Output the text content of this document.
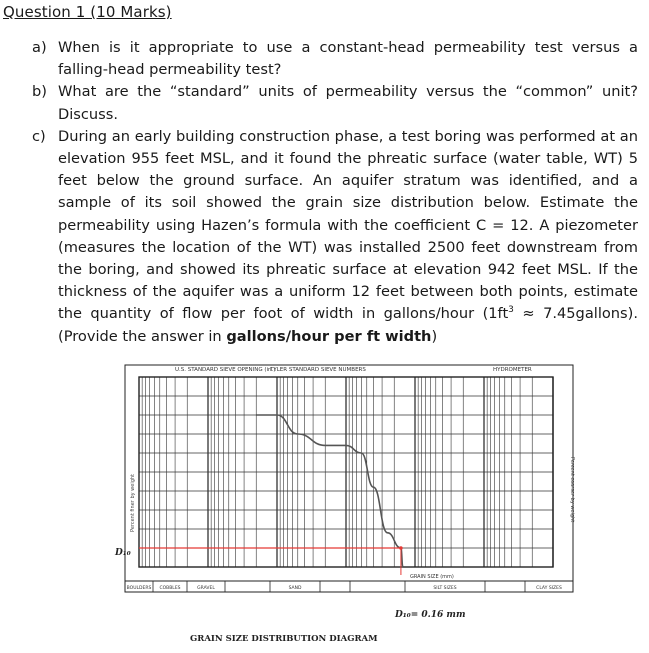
Question 1 (10 Marks)
a) When is it appropriate to use a constant-head permeability test versus a falling-head permeability test?
b) What are the “standard” units of permeability versus the “common” unit? Discuss.
c) During an early building construction phase, a test boring was performed at an elevation 955 feet MSL, and it found the phreatic surface (water table, WT) 5 feet below the ground surface. An aquifer stratum was identified, and a sample of its soil showed the grain size distribution below. Estimate the permeability using Hazen’s formula with the coefficient C = 12. A piezometer (measures the location of the WT) was installed 2500 feet downstream from the boring, and showed its phreatic surface at elevation 942 feet MSL. If the thickness of the aquifer was a uniform 12 feet between both points, estimate the quantity of flow per foot of width in gallons/hour ($1ft^3$ ≈ 7.45gallons). (Provide the answer in gallons/hour per ft width)
U.S. STANDARD SIEVE OPENING (in.)
TYLER STANDARD SIEVE NUMBERS	HYDROMETER
Percent finer by weight	Percent coarser by weight
D₁₀
GRAIN SIZE (mm)
D₁₀= 0.16 mm
GRAIN SIZE DISTRIBUTION DIAGRAM
BOULDERS COBBLES	GRAVEL	SAND	SILT SIZES	CLAY SIZES
